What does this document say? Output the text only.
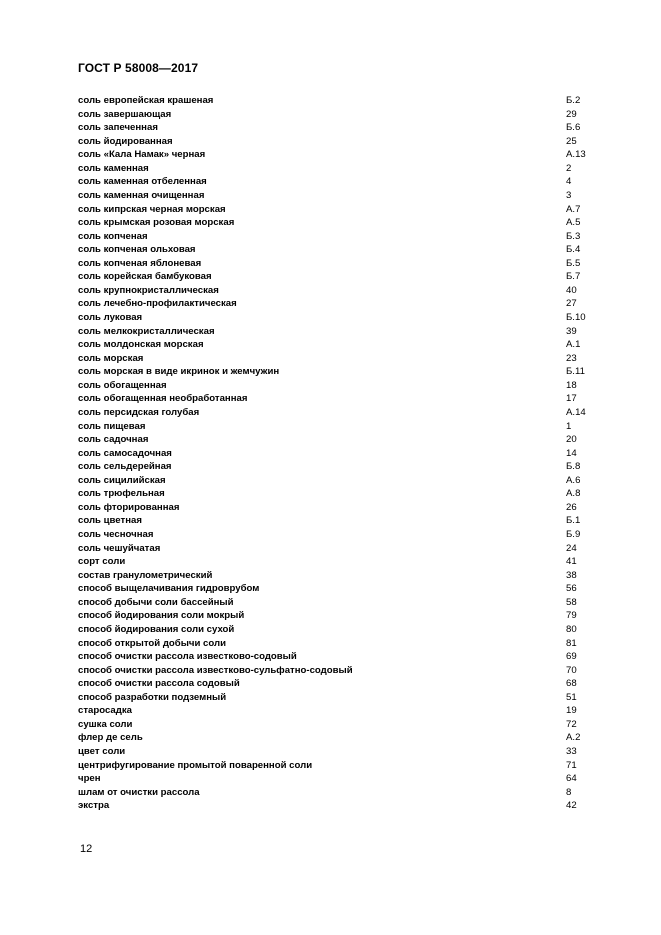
ГОСТ Р 58008—2017
соль европейская крашеная	Б.2
соль завершающая	29
соль запеченная	Б.6
соль йодированная	25
соль «Кала Намак» черная	А.13
соль каменная	2
соль каменная отбеленная	4
соль каменная очищенная	3
соль кипрская черная морская	А.7
соль крымская розовая морская	А.5
соль копченая	Б.3
соль копченая ольховая	Б.4
соль копченая яблоневая	Б.5
соль корейская бамбуковая	Б.7
соль крупнокристаллическая	40
соль лечебно-профилактическая	27
соль луковая	Б.10
соль мелкокристаллическая	39
соль молдонская морская	А.1
соль морская	23
соль морская в виде икринок и жемчужин	Б.11
соль обогащенная	18
соль обогащенная необработанная	17
соль персидская голубая	А.14
соль пищевая	1
соль садочная	20
соль самосадочная	14
соль сельдерейная	Б.8
соль сицилийская	А.6
соль трюфельная	А.8
соль фторированная	26
соль цветная	Б.1
соль чесночная	Б.9
соль чешуйчатая	24
сорт соли	41
состав гранулометрический	38
способ выщелачивания гидроврубом	56
способ добычи соли бассейный	58
способ йодирования соли мокрый	79
способ йодирования соли сухой	80
способ открытой добычи соли	81
способ очистки рассола известково-содовый	69
способ очистки рассола известково-сульфатно-содовый	70
способ очистки рассола содовый	68
способ разработки подземный	51
старосадка	19
сушка соли	72
флер де сель	А.2
цвет соли	33
центрифугирование промытой поваренной соли	71
чрен	64
шлам от очистки рассола	8
экстра	42
12
